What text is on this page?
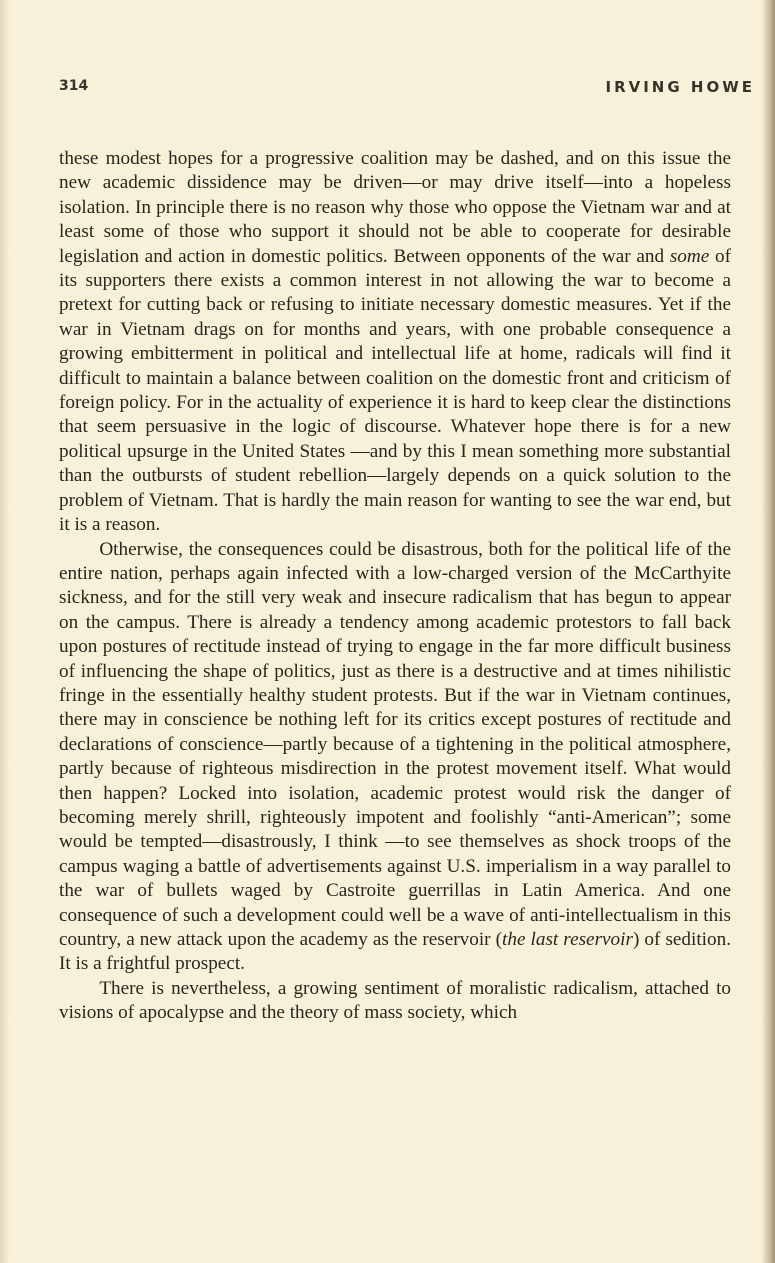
314	IRVING HOWE

these modest hopes for a progressive coalition may be dashed, and on this issue the new academic dissidence may be driven—or may drive itself—into a hopeless isolation. In principle there is no reason why those who oppose the Vietnam war and at least some of those who support it should not be able to cooperate for desirable legislation and action in domestic politics. Between opponents of the war and some of its supporters there exists a common interest in not allowing the war to become a pretext for cutting back or refusing to initiate necessary domestic measures. Yet if the war in Vietnam drags on for months and years, with one probable consequence a growing embitterment in political and intellectual life at home, radicals will find it difficult to maintain a balance between coalition on the domestic front and criticism of foreign policy. For in the actuality of experience it is hard to keep clear the distinctions that seem persuasive in the logic of discourse. Whatever hope there is for a new political upsurge in the United States —and by this I mean something more substantial than the outbursts of student rebellion—largely depends on a quick solution to the problem of Vietnam. That is hardly the main reason for wanting to see the war end, but it is a reason.

Otherwise, the consequences could be disastrous, both for the political life of the entire nation, perhaps again infected with a low-charged version of the McCarthyite sickness, and for the still very weak and insecure radicalism that has begun to appear on the campus. There is already a tendency among academic protestors to fall back upon postures of rectitude instead of trying to engage in the far more difficult business of influencing the shape of politics, just as there is a destructive and at times nihilistic fringe in the essentially healthy student protests. But if the war in Vietnam continues, there may in conscience be nothing left for its critics except postures of rectitude and declarations of conscience—partly because of a tightening in the political atmosphere, partly because of righteous misdirection in the protest movement itself. What would then happen? Locked into isolation, academic protest would risk the danger of becoming merely shrill, righteously impotent and foolishly “anti-American”; some would be tempted—disastrously, I think —to see themselves as shock troops of the campus waging a battle of advertisements against U.S. imperialism in a way parallel to the war of bullets waged by Castroite guerrillas in Latin America. And one consequence of such a development could well be a wave of anti-intellectualism in this country, a new attack upon the academy as the reservoir (the last reservoir) of sedition. It is a frightful prospect.

There is nevertheless, a growing sentiment of moralistic radicalism, attached to visions of apocalypse and the theory of mass society, which
